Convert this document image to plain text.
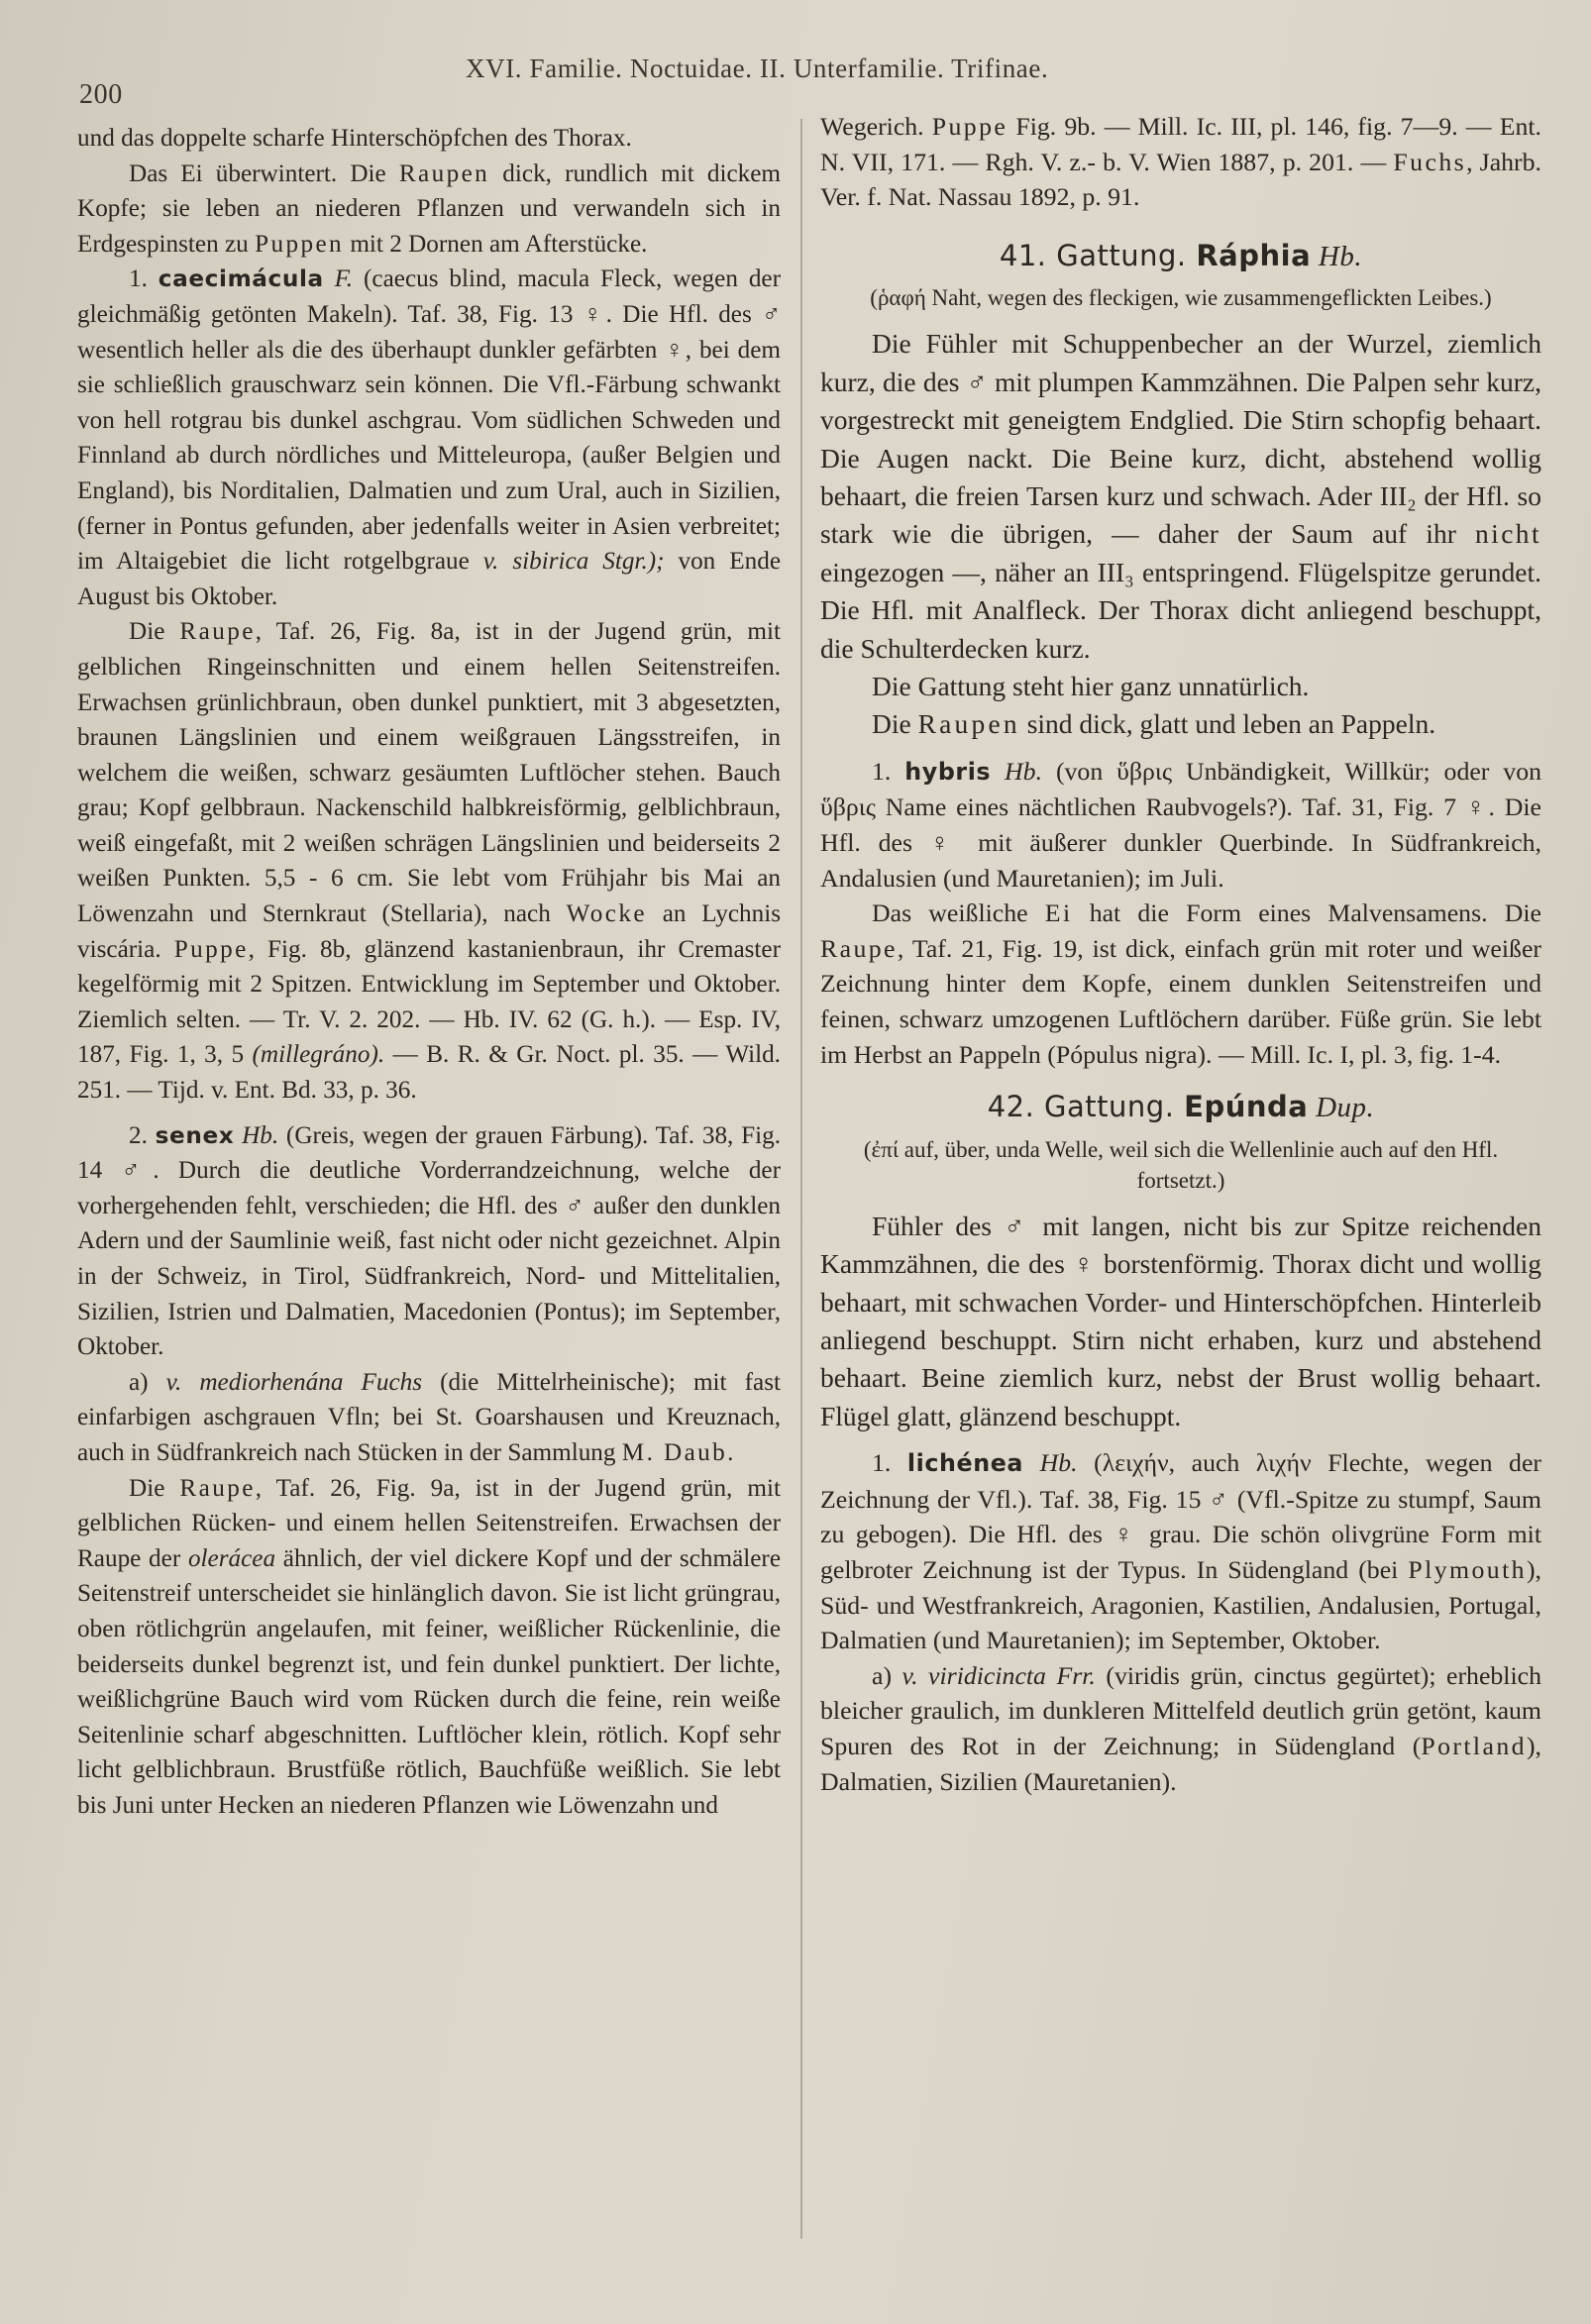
200
XVI. Familie. Noctuidae. II. Unterfamilie. Trifinae.

und das doppelte scharfe Hinterschöpfchen des Thorax.

Das Ei überwintert. Die Raupen dick, rundlich mit dickem Kopfe; sie leben an niederen Pflanzen und verwandeln sich in Erdgespinsten zu Puppen mit 2 Dornen am Afterstücke.

1. caecimácula F. (caecus blind, macula Fleck, wegen der gleichmäßig getönten Makeln). Taf. 38, Fig. 13 ♀. Die Hfl. des ♂ wesentlich heller als die des überhaupt dunkler gefärbten ♀, bei dem sie schließlich grauschwarz sein können. Die Vfl.-Färbung schwankt von hell rotgrau bis dunkel aschgrau. Vom südlichen Schweden und Finnland ab durch nördliches und Mitteleuropa, (außer Belgien und England), bis Norditalien, Dalmatien und zum Ural, auch in Sizilien, (ferner in Pontus gefunden, aber jedenfalls weiter in Asien verbreitet; im Altaigebiet die licht rotgelbgraue v. sibirica Stgr.); von Ende August bis Oktober.

Die Raupe, Taf. 26, Fig. 8a, ist in der Jugend grün, mit gelblichen Ringeinschnitten und einem hellen Seitenstreifen. Erwachsen grünlichbraun, oben dunkel punktiert, mit 3 abgesetzten, braunen Längslinien und einem weißgrauen Längsstreifen, in welchem die weißen, schwarz gesäumten Luftlöcher stehen. Bauch grau; Kopf gelbbraun. Nackenschild halbkreisförmig, gelblichbraun, weiß eingefaßt, mit 2 weißen schrägen Längslinien und beiderseits 2 weißen Punkten. 5,5 - 6 cm. Sie lebt vom Frühjahr bis Mai an Löwenzahn und Sternkraut (Stellaria), nach Wocke an Lychnis viscária. Puppe, Fig. 8b, glänzend kastanienbraun, ihr Cremaster kegelförmig mit 2 Spitzen. Entwicklung im September und Oktober. Ziemlich selten. — Tr. V. 2. 202. — Hb. IV. 62 (G. h.). — Esp. IV, 187, Fig. 1, 3, 5 (millegráno). — B. R. & Gr. Noct. pl. 35. — Wild. 251. — Tijd. v. Ent. Bd. 33, p. 36.

2. senex Hb. (Greis, wegen der grauen Färbung). Taf. 38, Fig. 14 ♂. Durch die deutliche Vorderrandzeichnung, welche der vorhergehenden fehlt, verschieden; die Hfl. des ♂ außer den dunklen Adern und der Saumlinie weiß, fast nicht oder nicht gezeichnet. Alpin in der Schweiz, in Tirol, Südfrankreich, Nord- und Mittelitalien, Sizilien, Istrien und Dalmatien, Macedonien (Pontus); im September, Oktober.

a) v. mediorhenána Fuchs (die Mittelrheinische); mit fast einfarbigen aschgrauen Vfln; bei St. Goarshausen und Kreuznach, auch in Südfrankreich nach Stücken in der Sammlung M. Daub.

Die Raupe, Taf. 26, Fig. 9a, ist in der Jugend grün, mit gelblichen Rücken- und einem hellen Seitenstreifen. Erwachsen der Raupe der olerácea ähnlich, der viel dickere Kopf und der schmälere Seitenstreif unterscheidet sie hinlänglich davon. Sie ist licht grüngrau, oben rötlichgrün angelaufen, mit feiner, weißlicher Rückenlinie, die beiderseits dunkel begrenzt ist, und fein dunkel punktiert. Der lichte, weißlichgrüne Bauch wird vom Rücken durch die feine, rein weiße Seitenlinie scharf abgeschnitten. Luftlöcher klein, rötlich. Kopf sehr licht gelblichbraun. Brustfüße rötlich, Bauchfüße weißlich. Sie lebt bis Juni unter Hecken an niederen Pflanzen wie Löwenzahn und

Wegerich. Puppe Fig. 9b. — Mill. Ic. III, pl. 146, fig. 7—9. — Ent. N. VII, 171. — Rgh. V. z.- b. V. Wien 1887, p. 201. — Fuchs, Jahrb. Ver. f. Nat. Nassau 1892, p. 91.

41. Gattung. Ráphia Hb.
(ῥαφή Naht, wegen des fleckigen, wie zusammengeflickten Leibes.)

Die Fühler mit Schuppenbecher an der Wurzel, ziemlich kurz, die des ♂ mit plumpen Kammzähnen. Die Palpen sehr kurz, vorgestreckt mit geneigtem Endglied. Die Stirn schopfig behaart. Die Augen nackt. Die Beine kurz, dicht, abstehend wollig behaart, die freien Tarsen kurz und schwach. Ader III₂ der Hfl. so stark wie die übrigen, — daher der Saum auf ihr nicht eingezogen —, näher an III₃ entspringend. Flügelspitze gerundet. Die Hfl. mit Analfleck. Der Thorax dicht anliegend beschuppt, die Schulterdecken kurz.

Die Gattung steht hier ganz unnatürlich.

Die Raupen sind dick, glatt und leben an Pappeln.

1. hybris Hb. (von ὕβρις Unbändigkeit, Willkür; oder von ὕβρις Name eines nächtlichen Raubvogels?). Taf. 31, Fig. 7 ♀. Die Hfl. des ♀ mit äußerer dunkler Querbinde. In Südfrankreich, Andalusien (und Mauretanien); im Juli.

Das weißliche Ei hat die Form eines Malvensamens. Die Raupe, Taf. 21, Fig. 19, ist dick, einfach grün mit roter und weißer Zeichnung hinter dem Kopfe, einem dunklen Seitenstreifen und feinen, schwarz umzogenen Luftlöchern darüber. Füße grün. Sie lebt im Herbst an Pappeln (Pópulus nigra). — Mill. Ic. I, pl. 3, fig. 1-4.

42. Gattung. Epúnda Dup.
(ἐπί auf, über, unda Welle, weil sich die Wellenlinie auch auf den Hfl. fortsetzt.)

Fühler des ♂ mit langen, nicht bis zur Spitze reichenden Kammzähnen, die des ♀ borstenförmig. Thorax dicht und wollig behaart, mit schwachen Vorder- und Hinterschöpfchen. Hinterleib anliegend beschuppt. Stirn nicht erhaben, kurz und abstehend behaart. Beine ziemlich kurz, nebst der Brust wollig behaart. Flügel glatt, glänzend beschuppt.

1. lichénea Hb. (λειχήν, auch λιχήν Flechte, wegen der Zeichnung der Vfl.). Taf. 38, Fig. 15 ♂ (Vfl.-Spitze zu stumpf, Saum zu gebogen). Die Hfl. des ♀ grau. Die schön olivgrüne Form mit gelbroter Zeichnung ist der Typus. In Südengland (bei Plymouth), Süd- und Westfrankreich, Aragonien, Kastilien, Andalusien, Portugal, Dalmatien (und Mauretanien); im September, Oktober.

a) v. viridicincta Frr. (viridis grün, cinctus gegürtet); erheblich bleicher graulich, im dunkleren Mittelfeld deutlich grün getönt, kaum Spuren des Rot in der Zeichnung; in Südengland (Portland), Dalmatien, Sizilien (Mauretanien).
